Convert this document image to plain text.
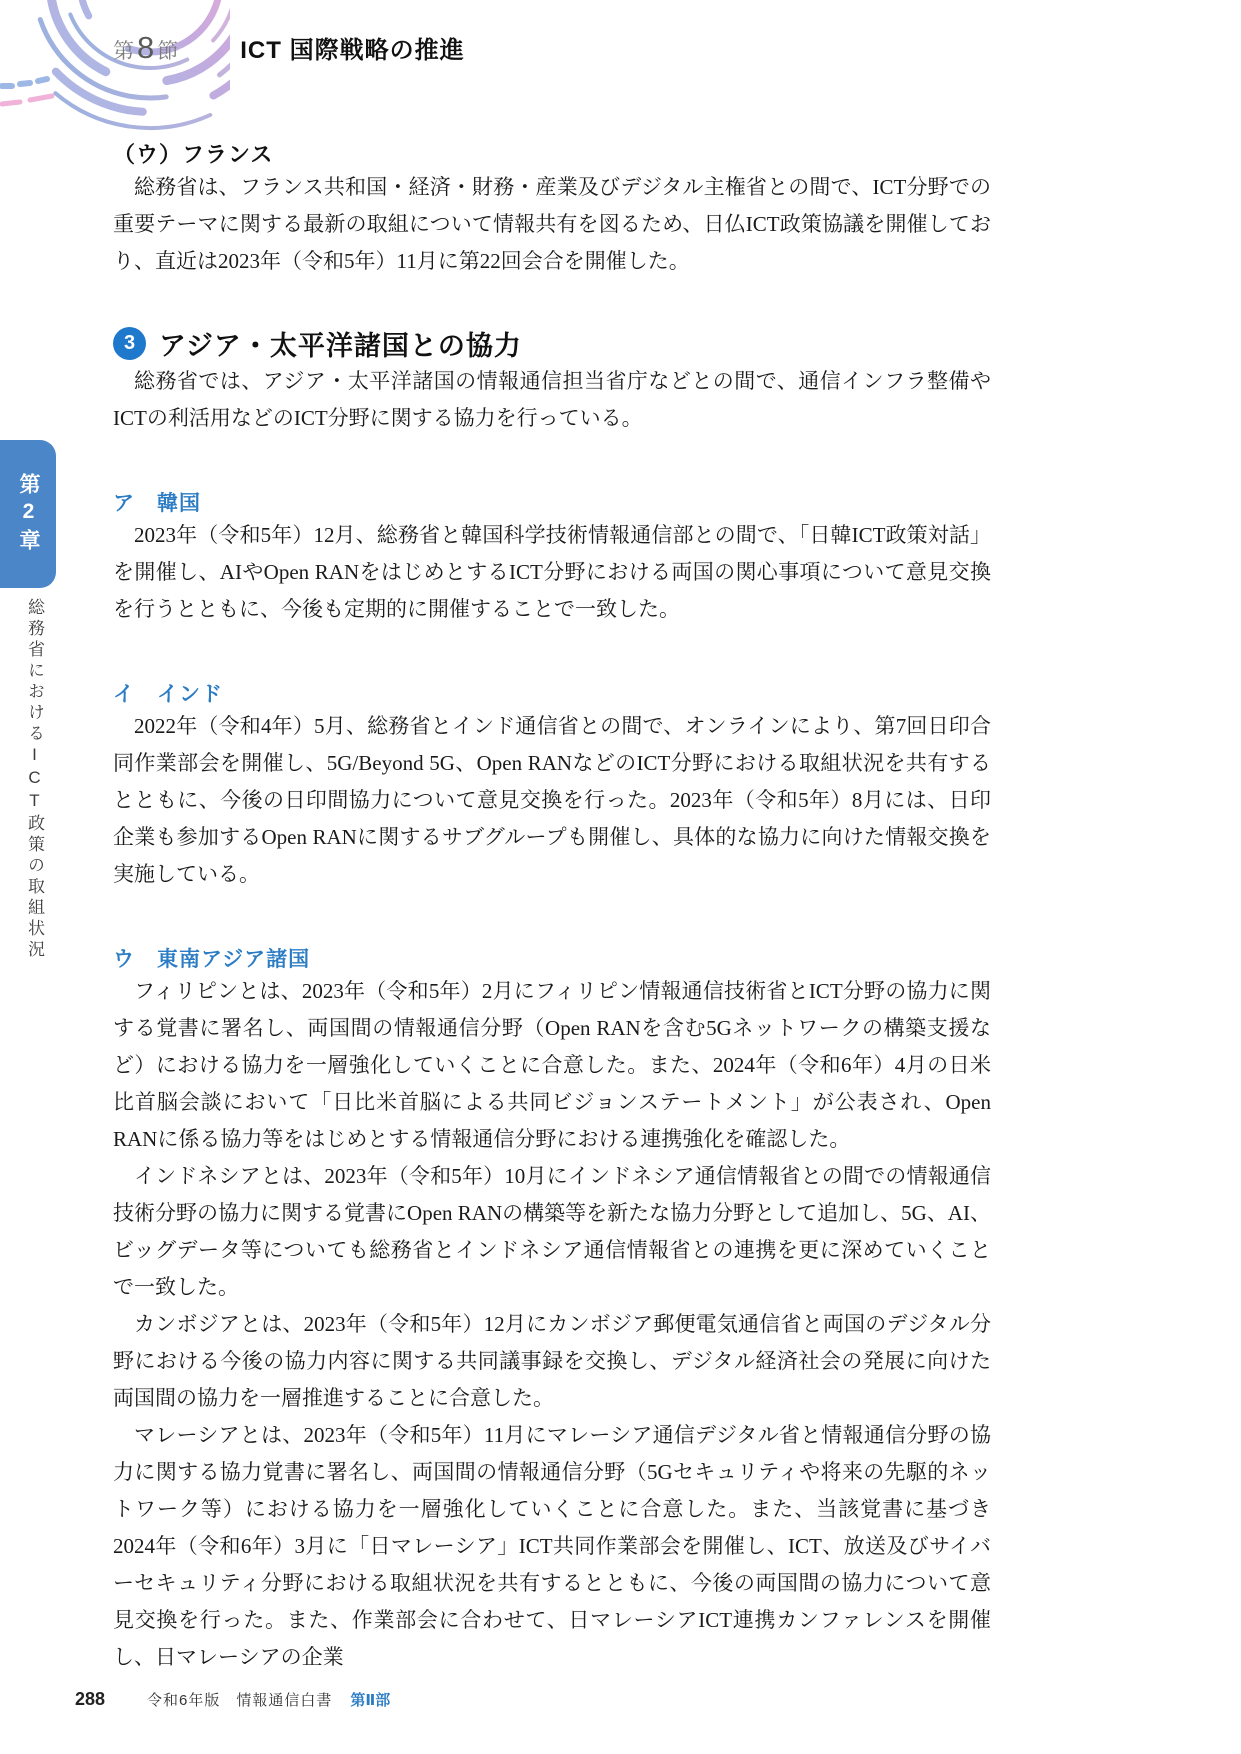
第 8 節	ICT 国際戦略の推進
第2章
総務省におけるICT政策の取組状況
（ウ）フランス

総務省は、フランス共和国・経済・財務・産業及びデジタル主権省との間で、ICT分野での重要テーマに関する最新の取組について情報共有を図るため、日仏ICT政策協議を開催しており、直近は2023年（令和5年）11月に第22回会合を開催した。

3 アジア・太平洋諸国との協力

総務省では、アジア・太平洋諸国の情報通信担当省庁などとの間で、通信インフラ整備やICTの利活用などのICT分野に関する協力を行っている。

ア 韓国

2023年（令和5年）12月、総務省と韓国科学技術情報通信部との間で、「日韓ICT政策対話」を開催し、AIやOpen RANをはじめとするICT分野における両国の関心事項について意見交換を行うとともに、今後も定期的に開催することで一致した。

イ インド

2022年（令和4年）5月、総務省とインド通信省との間で、オンラインにより、第7回日印合同作業部会を開催し、5G/Beyond 5G、Open RANなどのICT分野における取組状況を共有するとともに、今後の日印間協力について意見交換を行った。2023年（令和5年）8月には、日印企業も参加するOpen RANに関するサブグループも開催し、具体的な協力に向けた情報交換を実施している。

ウ 東南アジア諸国

フィリピンとは、2023年（令和5年）2月にフィリピン情報通信技術省とICT分野の協力に関する覚書に署名し、両国間の情報通信分野（Open RANを含む5Gネットワークの構築支援など）における協力を一層強化していくことに合意した。また、2024年（令和6年）4月の日米比首脳会談において「日比米首脳による共同ビジョンステートメント」が公表され、Open RANに係る協力等をはじめとする情報通信分野における連携強化を確認した。

インドネシアとは、2023年（令和5年）10月にインドネシア通信情報省との間での情報通信技術分野の協力に関する覚書にOpen RANの構築等を新たな協力分野として追加し、5G、AI、ビッグデータ等についても総務省とインドネシア通信情報省との連携を更に深めていくことで一致した。

カンボジアとは、2023年（令和5年）12月にカンボジア郵便電気通信省と両国のデジタル分野における今後の協力内容に関する共同議事録を交換し、デジタル経済社会の発展に向けた両国間の協力を一層推進することに合意した。

マレーシアとは、2023年（令和5年）11月にマレーシア通信デジタル省と情報通信分野の協力に関する協力覚書に署名し、両国間の情報通信分野（5Gセキュリティや将来の先駆的ネットワーク等）における協力を一層強化していくことに合意した。また、当該覚書に基づき2024年（令和6年）3月に「日マレーシア」ICT共同作業部会を開催し、ICT、放送及びサイバーセキュリティ分野における取組状況を共有するとともに、今後の両国間の協力について意見交換を行った。また、作業部会に合わせて、日マレーシアICT連携カンファレンスを開催し、日マレーシアの企業

288	令和6年版　情報通信白書 第Ⅱ部
